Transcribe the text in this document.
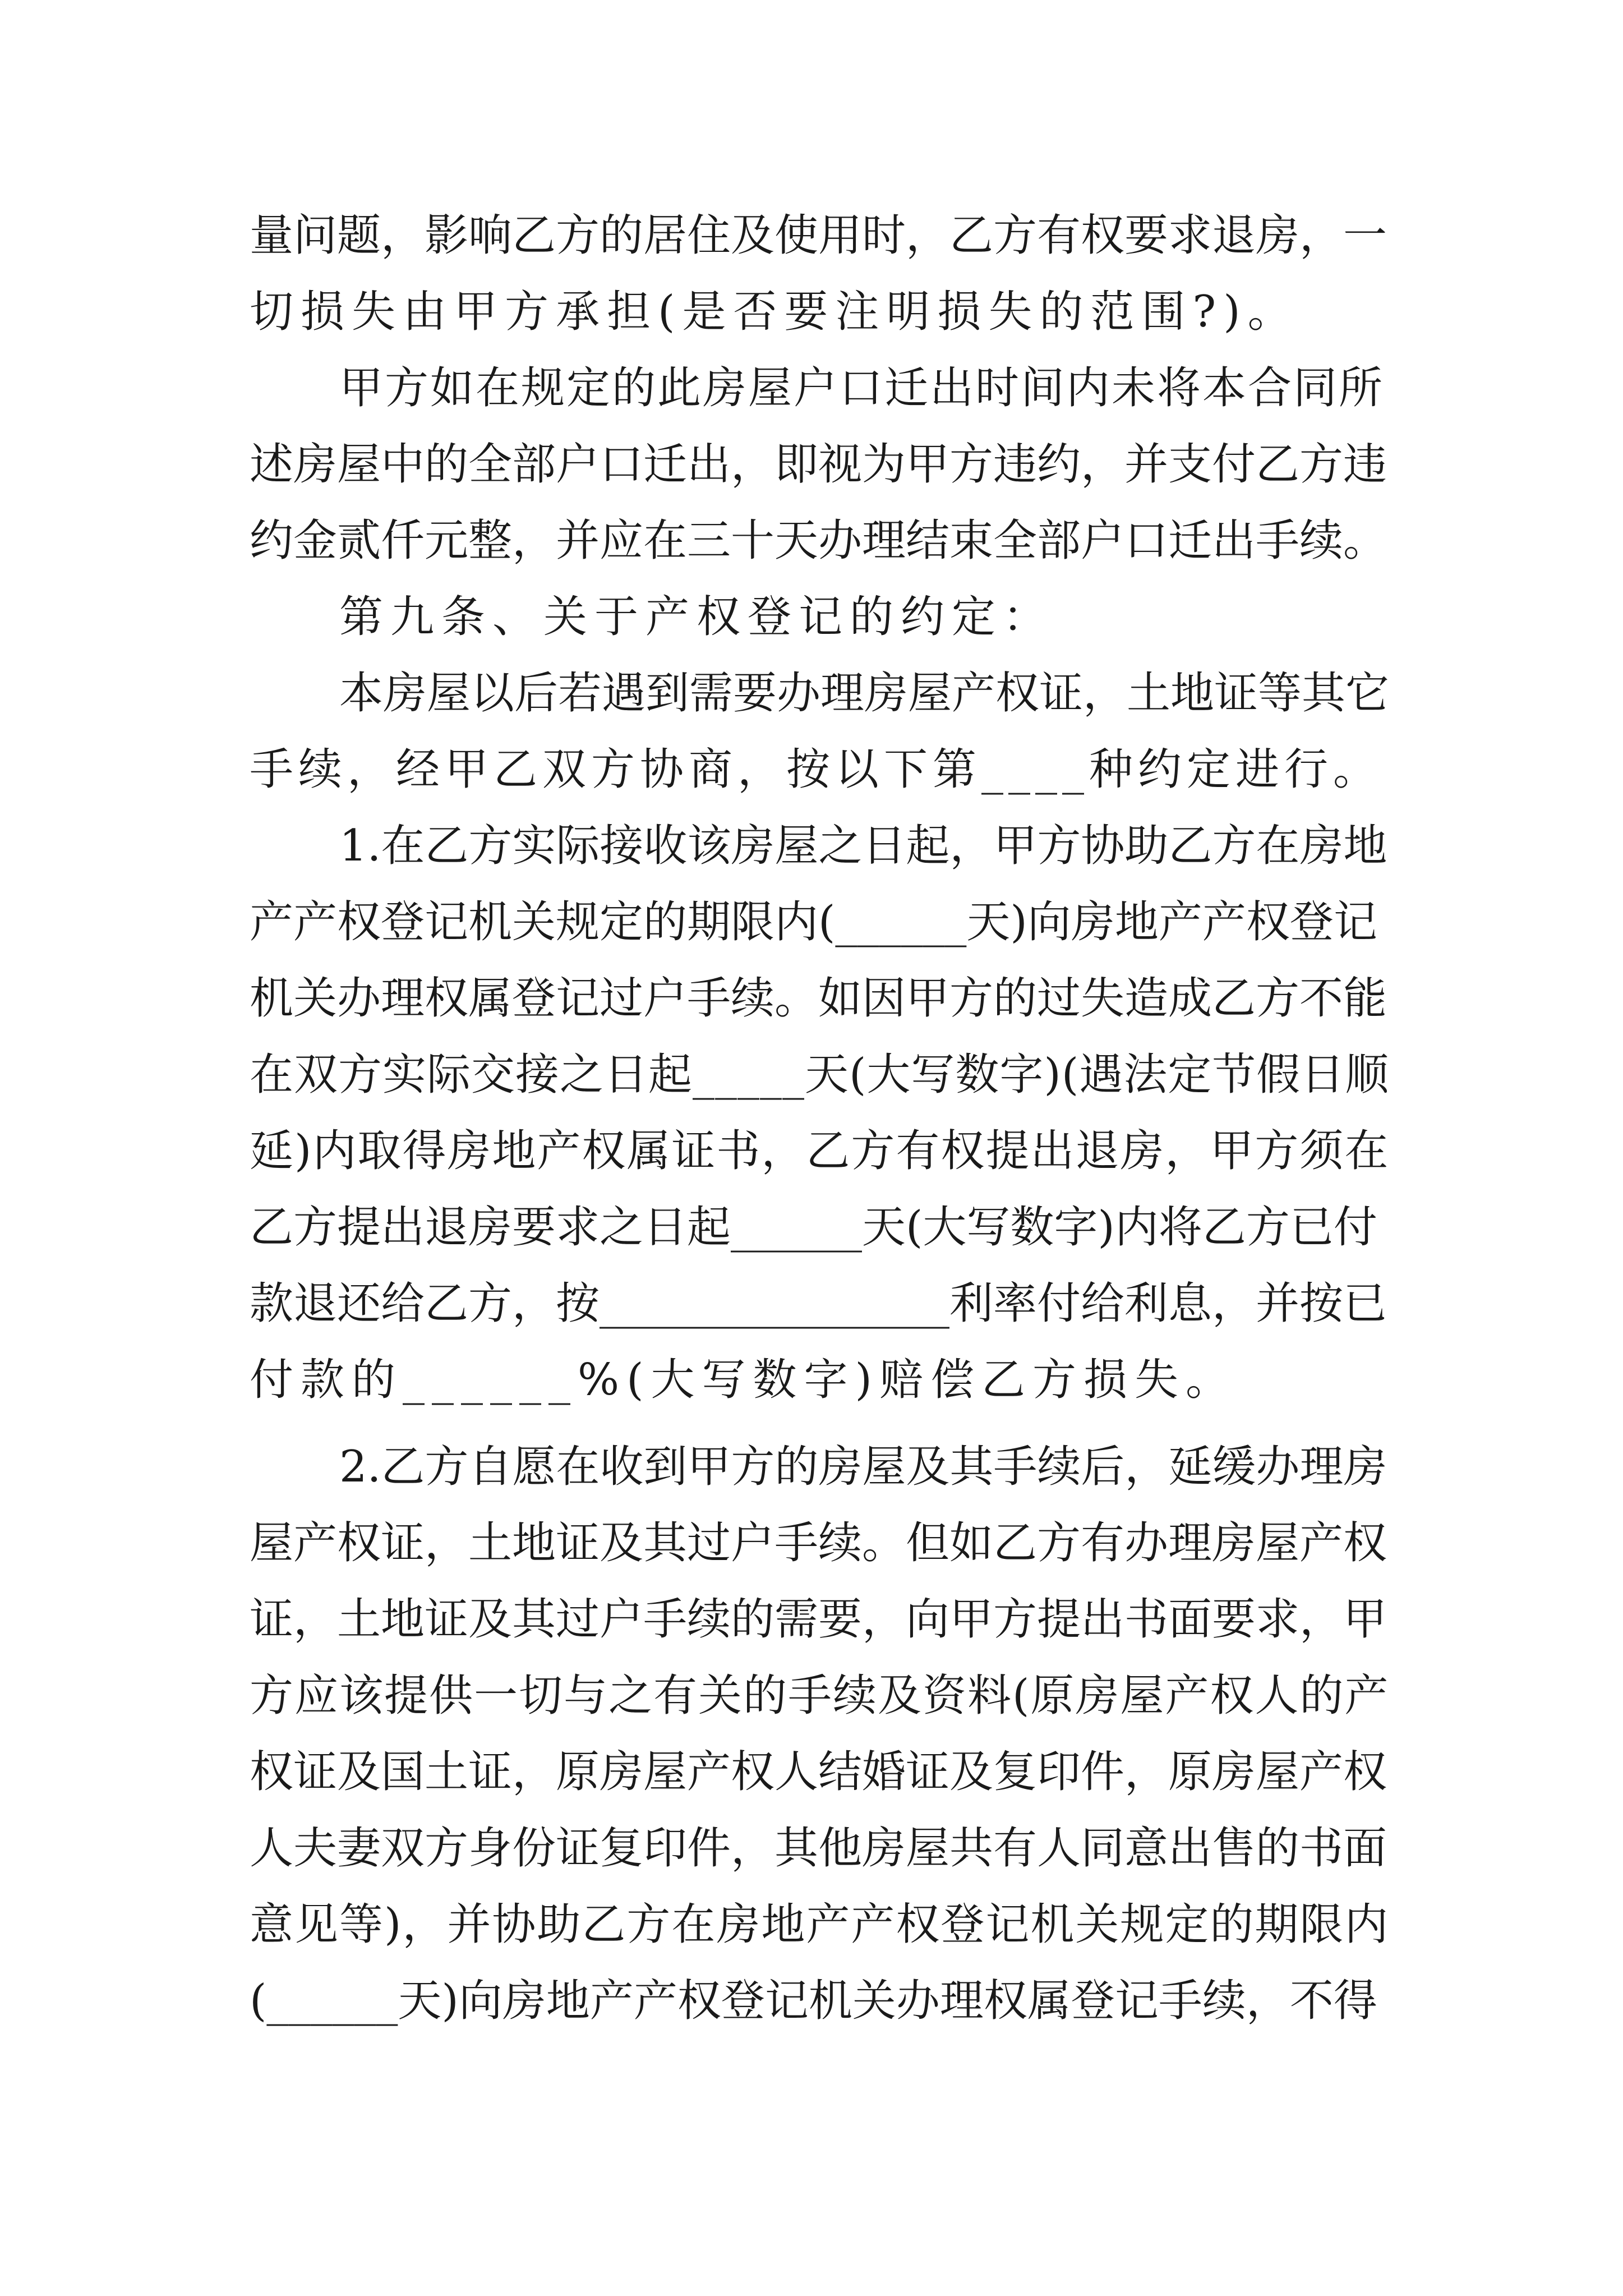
量问题，影响乙方的居住及使用时，乙方有权要求退房，一
切损失由甲方承担(是否要注明损失的范围?)。
甲方如在规定的此房屋户口迁出时间内未将本合同所
述房屋中的全部户口迁出，即视为甲方违约，并支付乙方违
约金贰仟元整，并应在三十天办理结束全部户口迁出手续。
第九条、关于产权登记的约定：
本房屋以后若遇到需要办理房屋产权证，土地证等其它
手续，经甲乙双方协商，按以下第____种约定进行。
1.在乙方实际接收该房屋之日起，甲方协助乙方在房地
产产权登记机关规定的期限内(______天)向房地产产权登记
机关办理权属登记过户手续。如因甲方的过失造成乙方不能
在双方实际交接之日起_____天(大写数字)(遇法定节假日顺
延)内取得房地产权属证书，乙方有权提出退房，甲方须在
乙方提出退房要求之日起______天(大写数字)内将乙方已付
款退还给乙方，按________________利率付给利息，并按已
付款的______%(大写数字)赔偿乙方损失。
2.乙方自愿在收到甲方的房屋及其手续后，延缓办理房
屋产权证，土地证及其过户手续。但如乙方有办理房屋产权
证，土地证及其过户手续的需要，向甲方提出书面要求，甲
方应该提供一切与之有关的手续及资料(原房屋产权人的产
权证及国土证，原房屋产权人结婚证及复印件，原房屋产权
人夫妻双方身份证复印件，其他房屋共有人同意出售的书面
意见等)，并协助乙方在房地产产权登记机关规定的期限内
(______天)向房地产产权登记机关办理权属登记手续，不得
